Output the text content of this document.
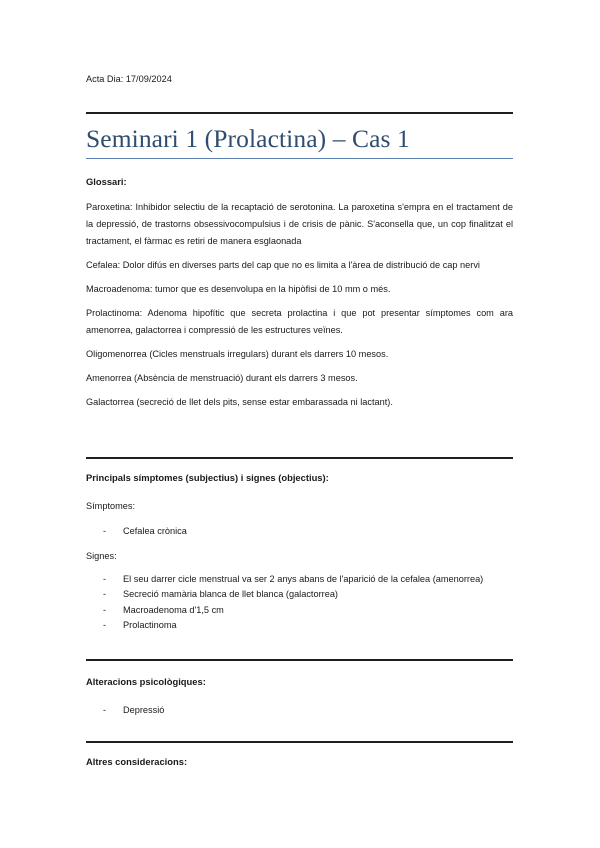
Acta Dia: 17/09/2024
Seminari 1 (Prolactina) – Cas 1

Glossari:

Paroxetina: Inhibidor selectiu de la recaptació de serotonina. La paroxetina s'empra en el tractament de la depressió, de trastorns obsessivocompulsius i de crisis de pànic. S'aconsella que, un cop finalitzat el tractament, el fàrmac es retiri de manera esglaonada

Cefalea: Dolor difús en diverses parts del cap que no es limita a l'àrea de distribució de cap nervi

Macroadenoma: tumor que es desenvolupa en la hipòfisi de 10 mm o més.

Prolactinoma: Adenoma hipofític que secreta prolactina i que pot presentar símptomes com ara amenorrea, galactorrea i compressió de les estructures veïnes.

Oligomenorrea (Cicles menstruals irregulars) durant els darrers 10 mesos.

Amenorrea (Absència de menstruació) durant els darrers 3 mesos.

Galactorrea (secreció de llet dels pits, sense estar embarassada ni lactant).

Principals símptomes (subjectius) i signes (objectius):

Símptomes:

- Cefalea crònica

Signes:

- El seu darrer cicle menstrual va ser 2 anys abans de l'aparició de la cefalea (amenorrea)
- Secreció mamària blanca de llet blanca (galactorrea)
- Macroadenoma d'1,5 cm
- Prolactinoma

Alteracions psicològiques:

- Depressió

Altres consideracions:
